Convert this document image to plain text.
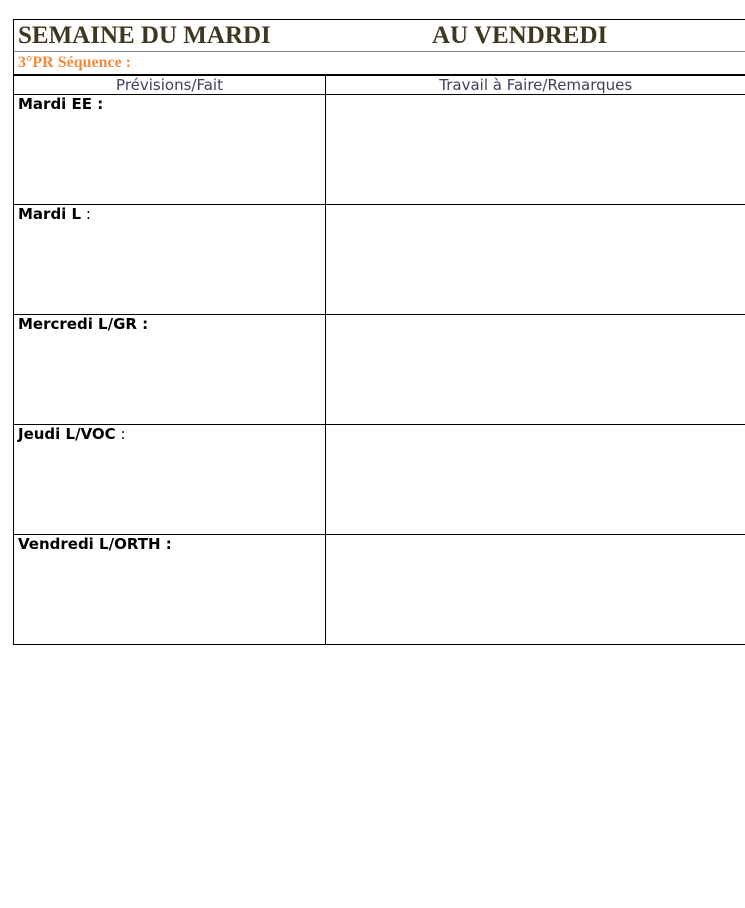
SEMAINE DU MARDI	AU VENDREDI
3°PR Séquence :
Prévisions/Fait	Travail à Faire/Remarques

Mardi EE :	

Mardi L :	

Mercredi L/GR :	

Jeudi L/VOC :	

Vendredi L/ORTH :	
